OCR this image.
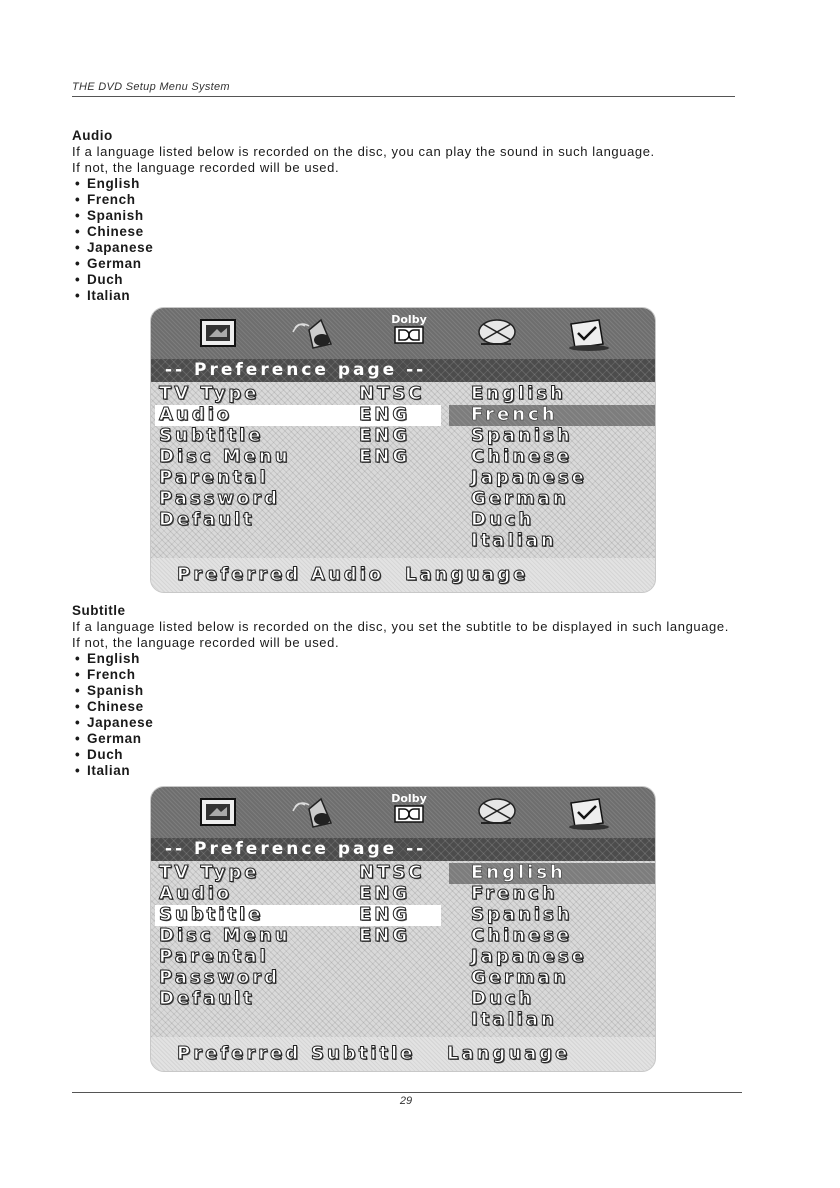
THE DVD Setup Menu System
Audio
If a language listed below is recorded on the disc, you can play the sound in such language.
If not, the language recorded will be used.
• English
• French
• Spanish
• Chinese
• Japanese
• German
• Duch
• Italian
Dolby
-- Preference page --
TV Type
Audio
Subtitle
Disc Menu
Parental
Password
Default
NTSC
ENG
ENG
ENG
English
French
Spanish
Chinese
Japanese
German
Duch
Italian
Preferred Audio Language
Subtitle
If a language listed below is recorded on the disc, you set the subtitle to be displayed in such language.
If not, the language recorded will be used.
• English
• French
• Spanish
• Chinese
• Japanese
• German
• Duch
• Italian
Dolby
-- Preference page --
TV Type
Audio
Subtitle
Disc Menu
Parental
Password
Default
NTSC
ENG
ENG
ENG
English
French
Spanish
Chinese
Japanese
German
Duch
Italian
Preferred Subtitle Language
29
